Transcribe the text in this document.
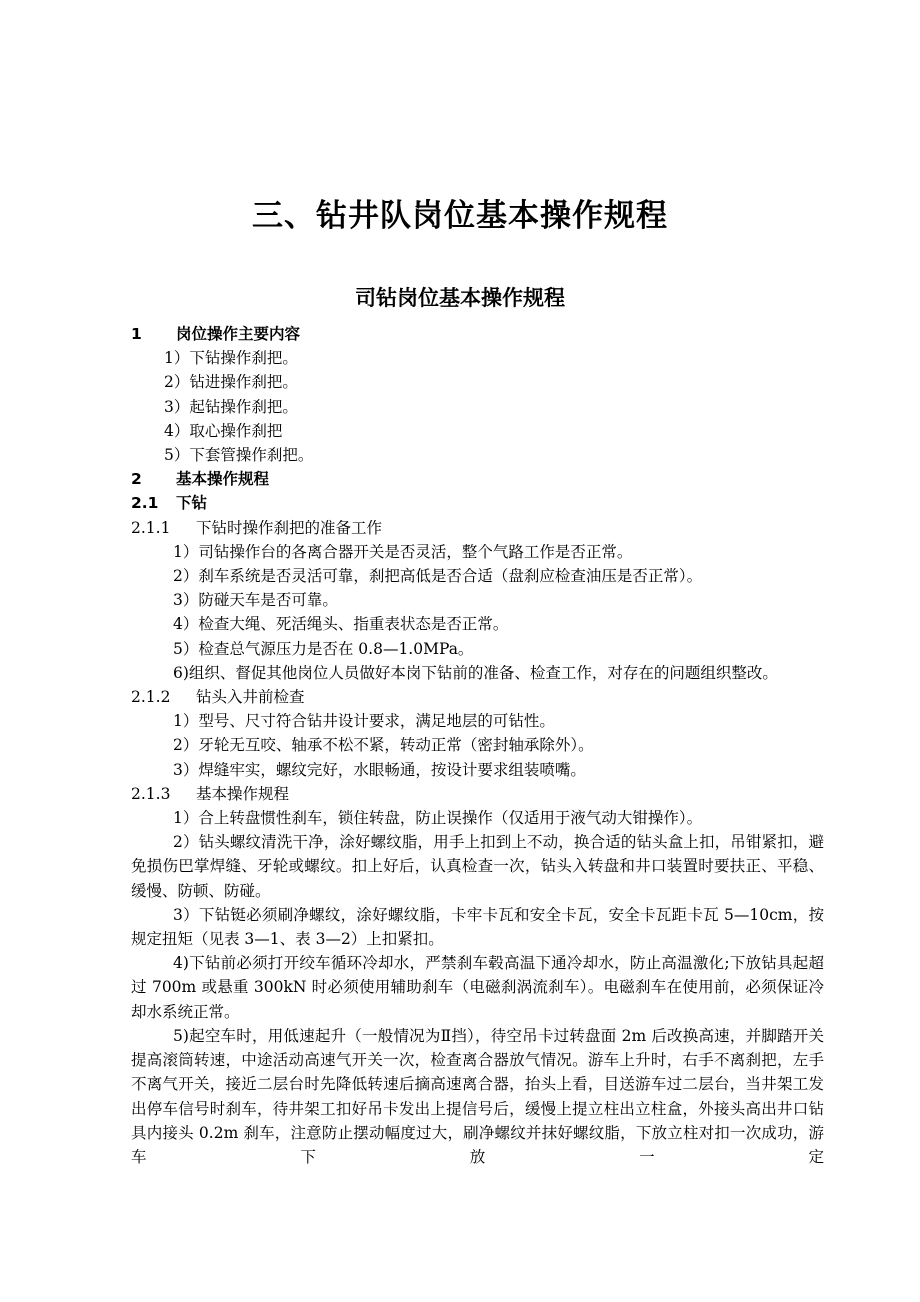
三、钻井队岗位基本操作规程
司钻岗位基本操作规程

1 岗位操作主要内容

1）下钻操作刹把。

2）钻进操作刹把。

3）起钻操作刹把。

4）取心操作刹把

5）下套管操作刹把。

2 基本操作规程

2.1 下钻

2.1.1 下钻时操作刹把的准备工作

1）司钻操作台的各离合器开关是否灵活，整个气路工作是否正常。

2）刹车系统是否灵活可靠，刹把高低是否合适（盘刹应检查油压是否正常）。

3）防碰天车是否可靠。

4）检查大绳、死活绳头、指重表状态是否正常。

5）检查总气源压力是否在 0.8—1.0MPa。

6)组织、督促其他岗位人员做好本岗下钻前的准备、检查工作，对存在的问题组织整改。

2.1.2 钻头入井前检查

1）型号、尺寸符合钻井设计要求，满足地层的可钻性。

2）牙轮无互咬、轴承不松不紧，转动正常（密封轴承除外）。

3）焊缝牢实，螺纹完好，水眼畅通，按设计要求组装喷嘴。

2.1.3 基本操作规程

1）合上转盘惯性刹车，锁住转盘，防止误操作（仅适用于液气动大钳操作）。

2）钻头螺纹清洗干净，涂好螺纹脂，用手上扣到上不动，换合适的钻头盒上扣，吊钳紧扣，避免损伤巴掌焊缝、牙轮或螺纹。扣上好后，认真检查一次，钻头入转盘和井口装置时要扶正、平稳、缓慢、防顿、防碰。

3）下钻铤必须刷净螺纹，涂好螺纹脂，卡牢卡瓦和安全卡瓦，安全卡瓦距卡瓦 5—10cm，按规定扭矩（见表 3—1、表 3—2）上扣紧扣。

4)下钻前必须打开绞车循环冷却水，严禁刹车毂高温下通冷却水，防止高温激化;下放钻具起超过 700m 或悬重 300kN 时必须使用辅助刹车（电磁刹涡流刹车）。电磁刹车在使用前，必须保证冷却水系统正常。

5)起空车时，用低速起升（一般情况为Ⅱ挡），待空吊卡过转盘面 2m 后改换高速，并脚踏开关提高滚筒转速，中途活动高速气开关一次，检查离合器放气情况。游车上升时，右手不离刹把，左手不离气开关，接近二层台时先降低转速后摘高速离合器，抬头上看，目送游车过二层台，当井架工发出停车信号时刹车，待井架工扣好吊卡发出上提信号后，缓慢上提立柱出立柱盒，外接头高出井口钻具内接头 0.2m 刹车，注意防止摆动幅度过大，刷净螺纹并抹好螺纹脂，下放立柱对扣一次成功，游车下放一定
